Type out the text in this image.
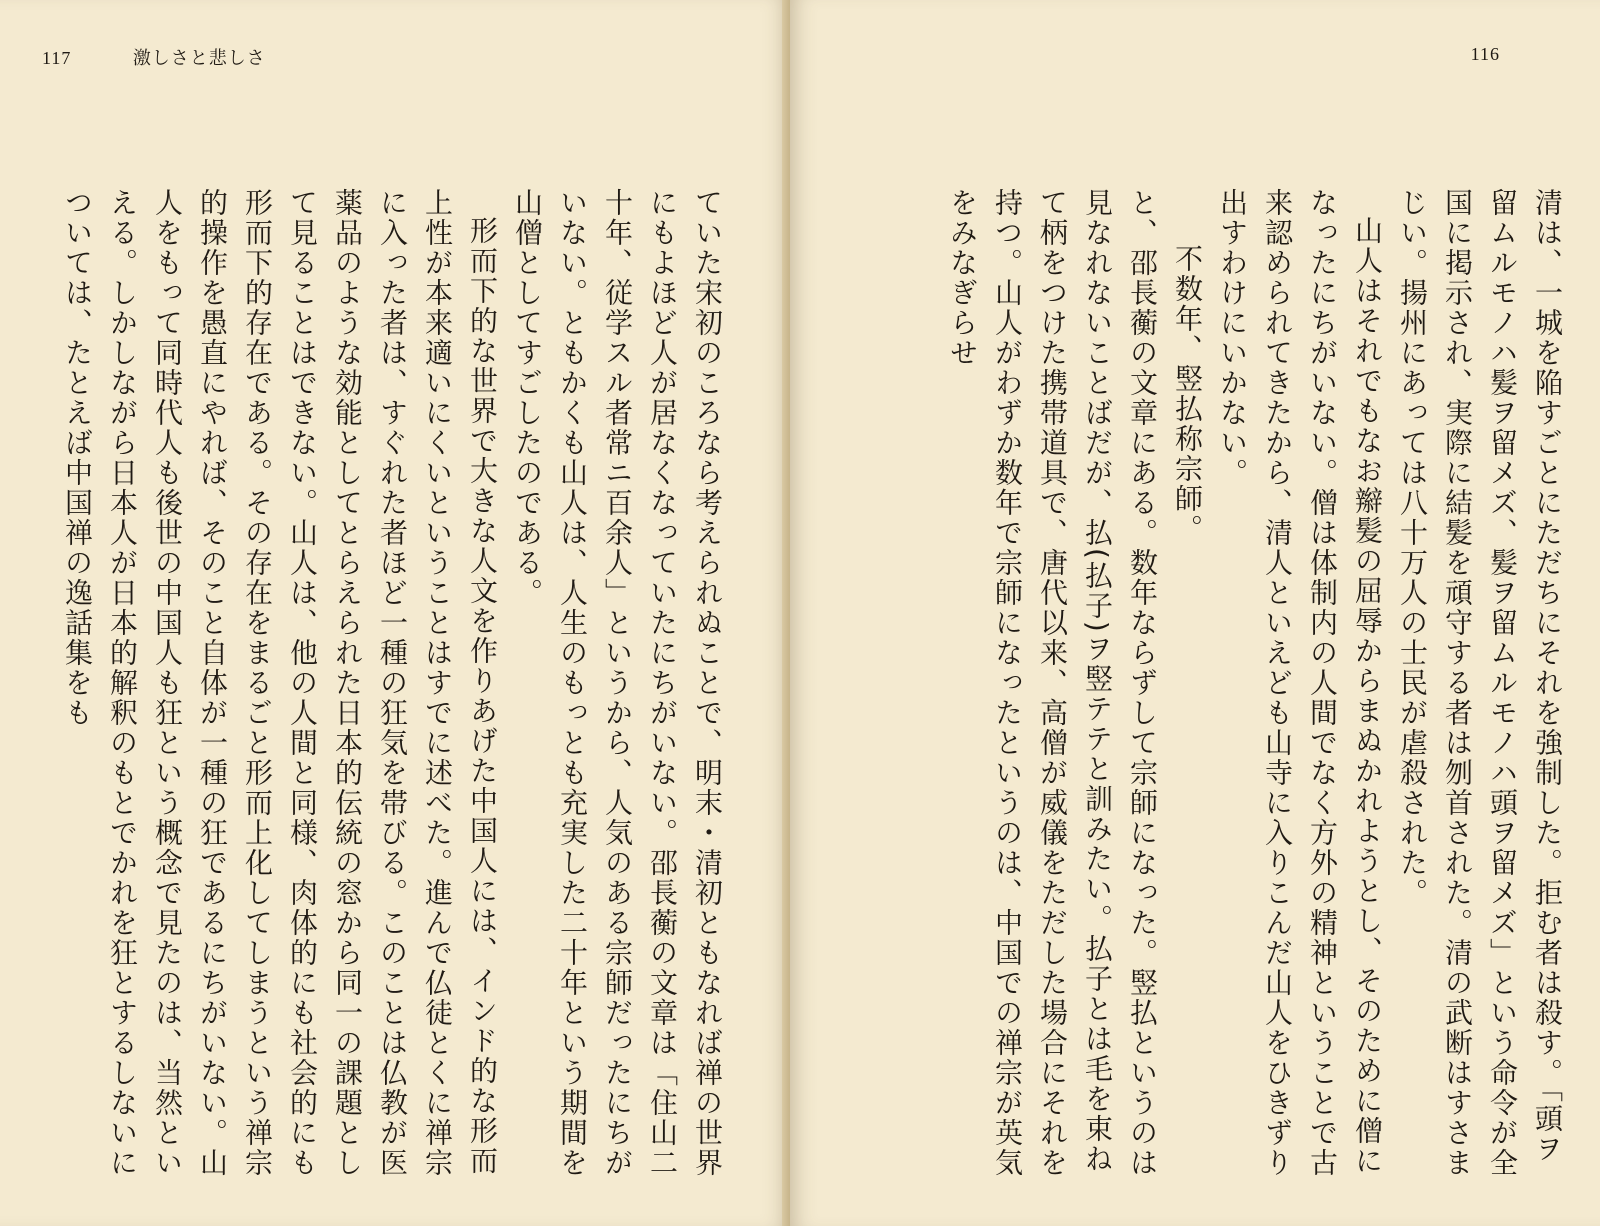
117	激しさと悲しさ

ていた宋初のころなら考えられぬことで、明末・清初ともなれば禅の世界にもよほど人が居なくなっていたにちがいない。邵長蘅の文章は「住山二十年、従学スル者常ニ百余人」というから、人気のある宗師だったにちがいない。ともかくも山人は、人生のもっとも充実した二十年という期間を山僧としてすごしたのである。

形而下的な世界で大きな人文を作りあげた中国人には、インド的な形而上性が本来適いにくいということはすでに述べた。進んで仏徒とくに禅宗に入った者は、すぐれた者ほど一種の狂気を帯びる。このことは仏教が医薬品のような効能としてとらえられた日本的伝統の窓から同一の課題として見ることはできない。山人は、他の人間と同様、肉体的にも社会的にも形而下的存在である。その存在をまるごと形而上化してしまうという禅宗的操作を愚直にやれば、そのこと自体が一種の狂であるにちがいない。山人をもって同時代人も後世の中国人も狂という概念で見たのは、当然といえる。しかしながら日本人が日本的解釈のもとでかれを狂とするしないについては、たとえば中国禅の逸話集をも

116

清は、一城を陥すごとにただちにそれを強制した。拒む者は殺す。「頭ヲ留ムルモノハ髪ヲ留メズ、髪ヲ留ムルモノハ頭ヲ留メズ」という命令が全国に掲示され、実際に結髪を頑守する者は刎首された。清の武断はすさまじい。揚州にあっては八十万人の士民が虐殺された。

山人はそれでもなお辮髪の屈辱からまぬかれようとし、そのために僧になったにちがいない。僧は体制内の人間でなく方外の精神ということで古来認められてきたから、清人といえども山寺に入りこんだ山人をひきずり出すわけにいかない。

不数年、竪払称宗師。

と、邵長蘅の文章にある。数年ならずして宗師になった。竪払というのは見なれないことばだが、払(払子)ヲ竪テテと訓みたい。払子とは毛を束ねて柄をつけた携帯道具で、唐代以来、高僧が威儀をただした場合にそれを持つ。山人がわずか数年で宗師になったというのは、中国での禅宗が英気をみなぎらせ
